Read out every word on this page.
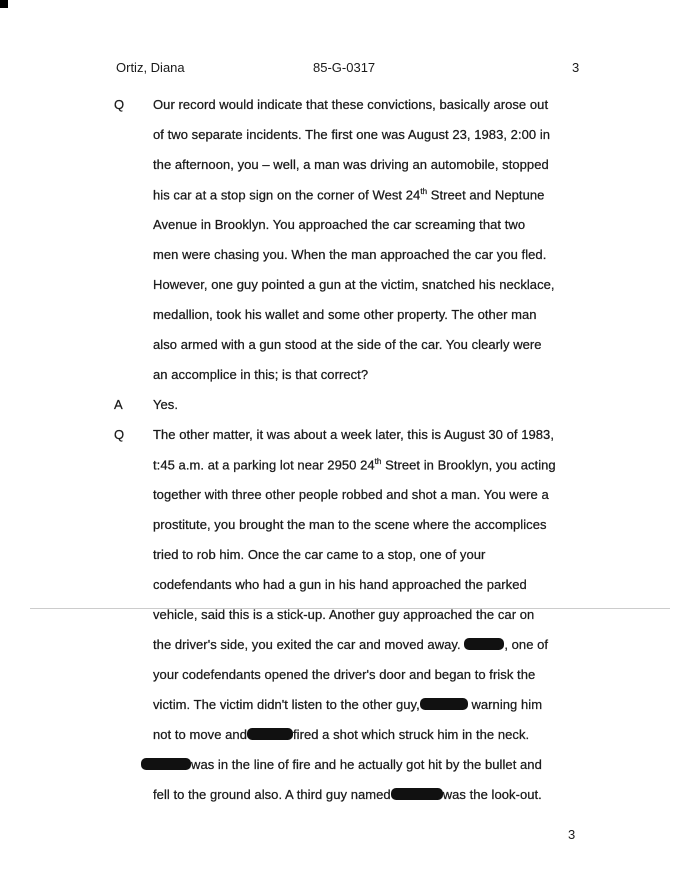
Ortiz, Diana	85-G-0317	3
Q Our record would indicate that these convictions, basically arose out
of two separate incidents. The first one was August 23, 1983, 2:00 in
the afternoon, you – well, a man was driving an automobile, stopped
his car at a stop sign on the corner of West 24th Street and Neptune
Avenue in Brooklyn. You approached the car screaming that two
men were chasing you. When the man approached the car you fled.
However, one guy pointed a gun at the victim, snatched his necklace,
medallion, took his wallet and some other property. The other man
also armed with a gun stood at the side of the car. You clearly were
an accomplice in this; is that correct?
A Yes.
Q The other matter, it was about a week later, this is August 30 of 1983,
t:45 a.m. at a parking lot near 2950 24th Street in Brooklyn, you acting
together with three other people robbed and shot a man. You were a
prostitute, you brought the man to the scene where the accomplices
tried to rob him. Once the car came to a stop, one of your
codefendants who had a gun in his hand approached the parked
vehicle, said this is a stick-up. Another guy approached the car on
the driver's side, you exited the car and moved away.	, one of
your codefendants opened the driver's door and began to frisk the
victim. The victim didn't listen to the other guy,	warning him
not to move and	fired a shot which struck him in the neck.
was in the line of fire and he actually got hit by the bullet and
fell to the ground also. A third guy named	was the look-out.
3
